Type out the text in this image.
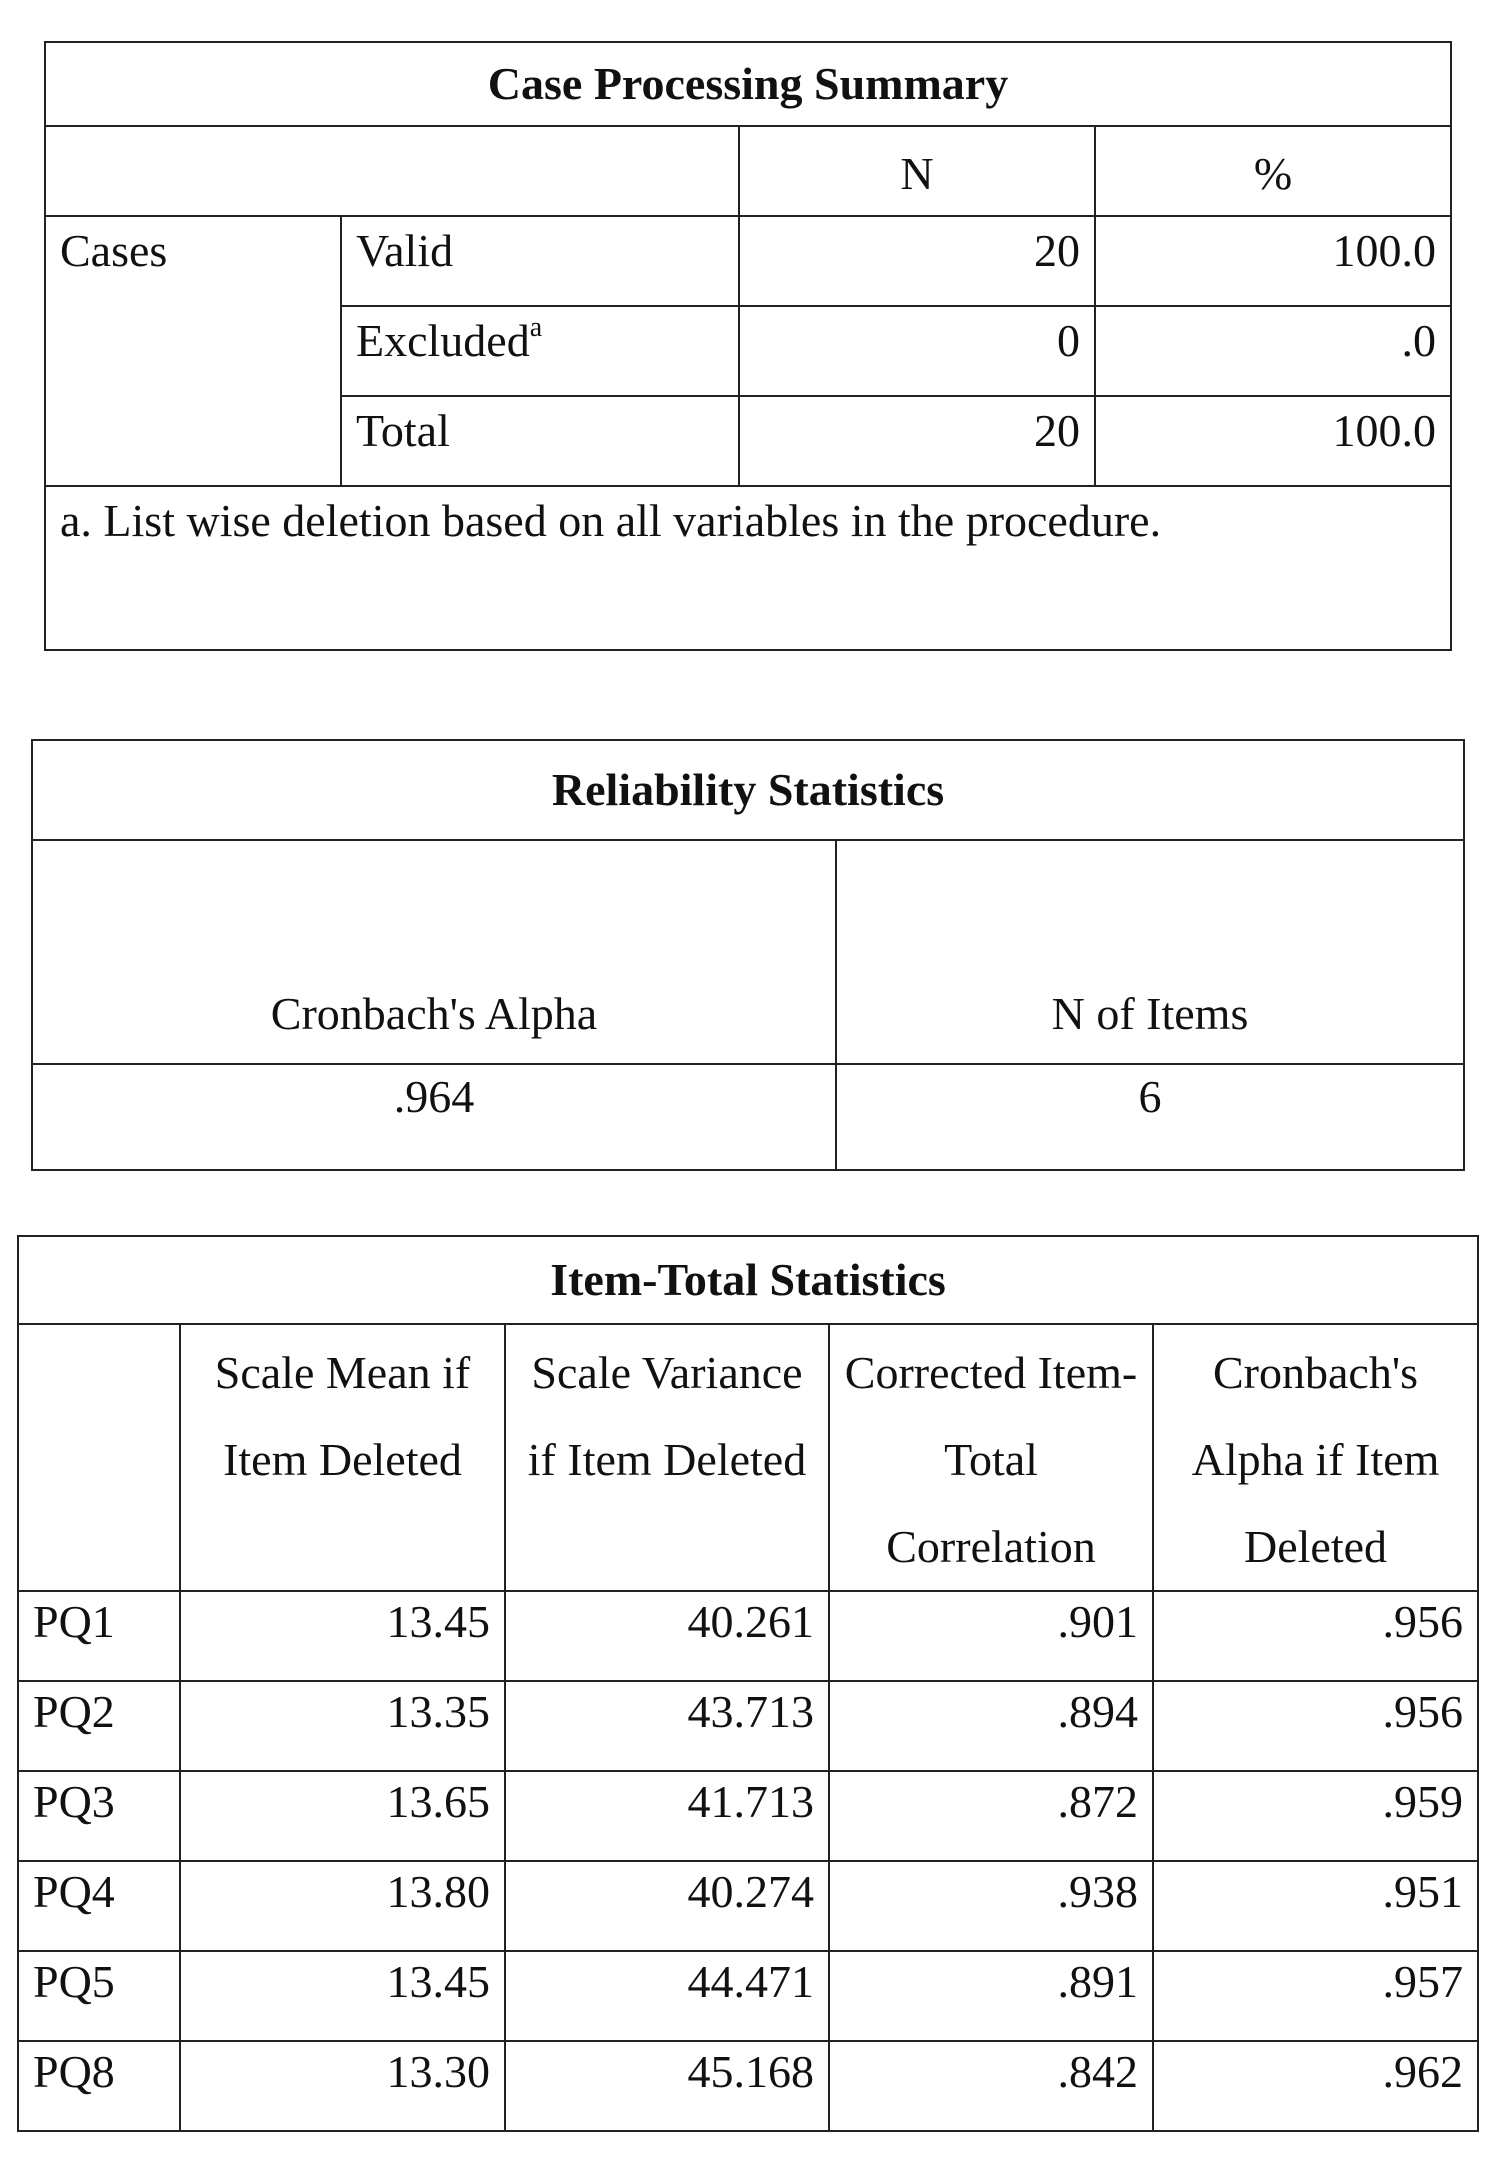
Case Processing Summary			
		N	%
Cases	Valid	20	100.0
	Excluded$^a$	0	.0
	Total	20	100.0
a. List wise deletion based on all variables in the procedure.			
Reliability Statistics	
Cronbach's Alpha	N of Items
.964	6
Item-Total Statistics				
	Scale Mean if Item Deleted	Scale Variance if Item Deleted	Corrected Item-Total Correlation	Cronbach's Alpha if Item Deleted
PQ1	13.45	40.261	.901	.956
PQ2	13.35	43.713	.894	.956
PQ3	13.65	41.713	.872	.959
PQ4	13.80	40.274	.938	.951
PQ5	13.45	44.471	.891	.957
PQ8	13.30	45.168	.842	.962
